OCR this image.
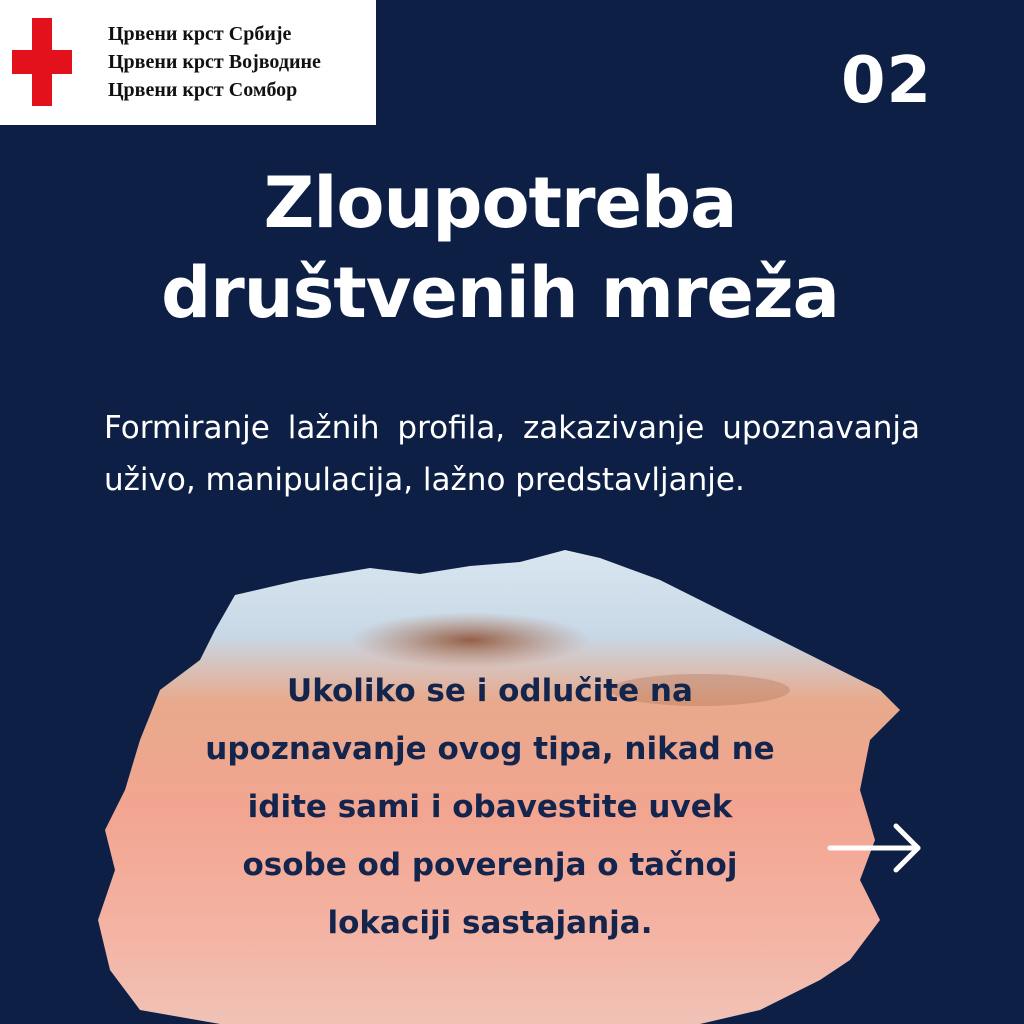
Црвени крст Србије
Црвени крст Војводине
Црвени крст Сомбор	02
Zloupotreba
društvenih mreža
Formiranje lažnih profila, zakazivanje upoznavanja uživo, manipulacija, lažno predstavljanje.
Ukoliko se i odlučite na
upoznavanje ovog tipa, nikad ne
idite sami i obavestite uvek
osobe od poverenja o tačnoj
lokaciji sastajanja.
